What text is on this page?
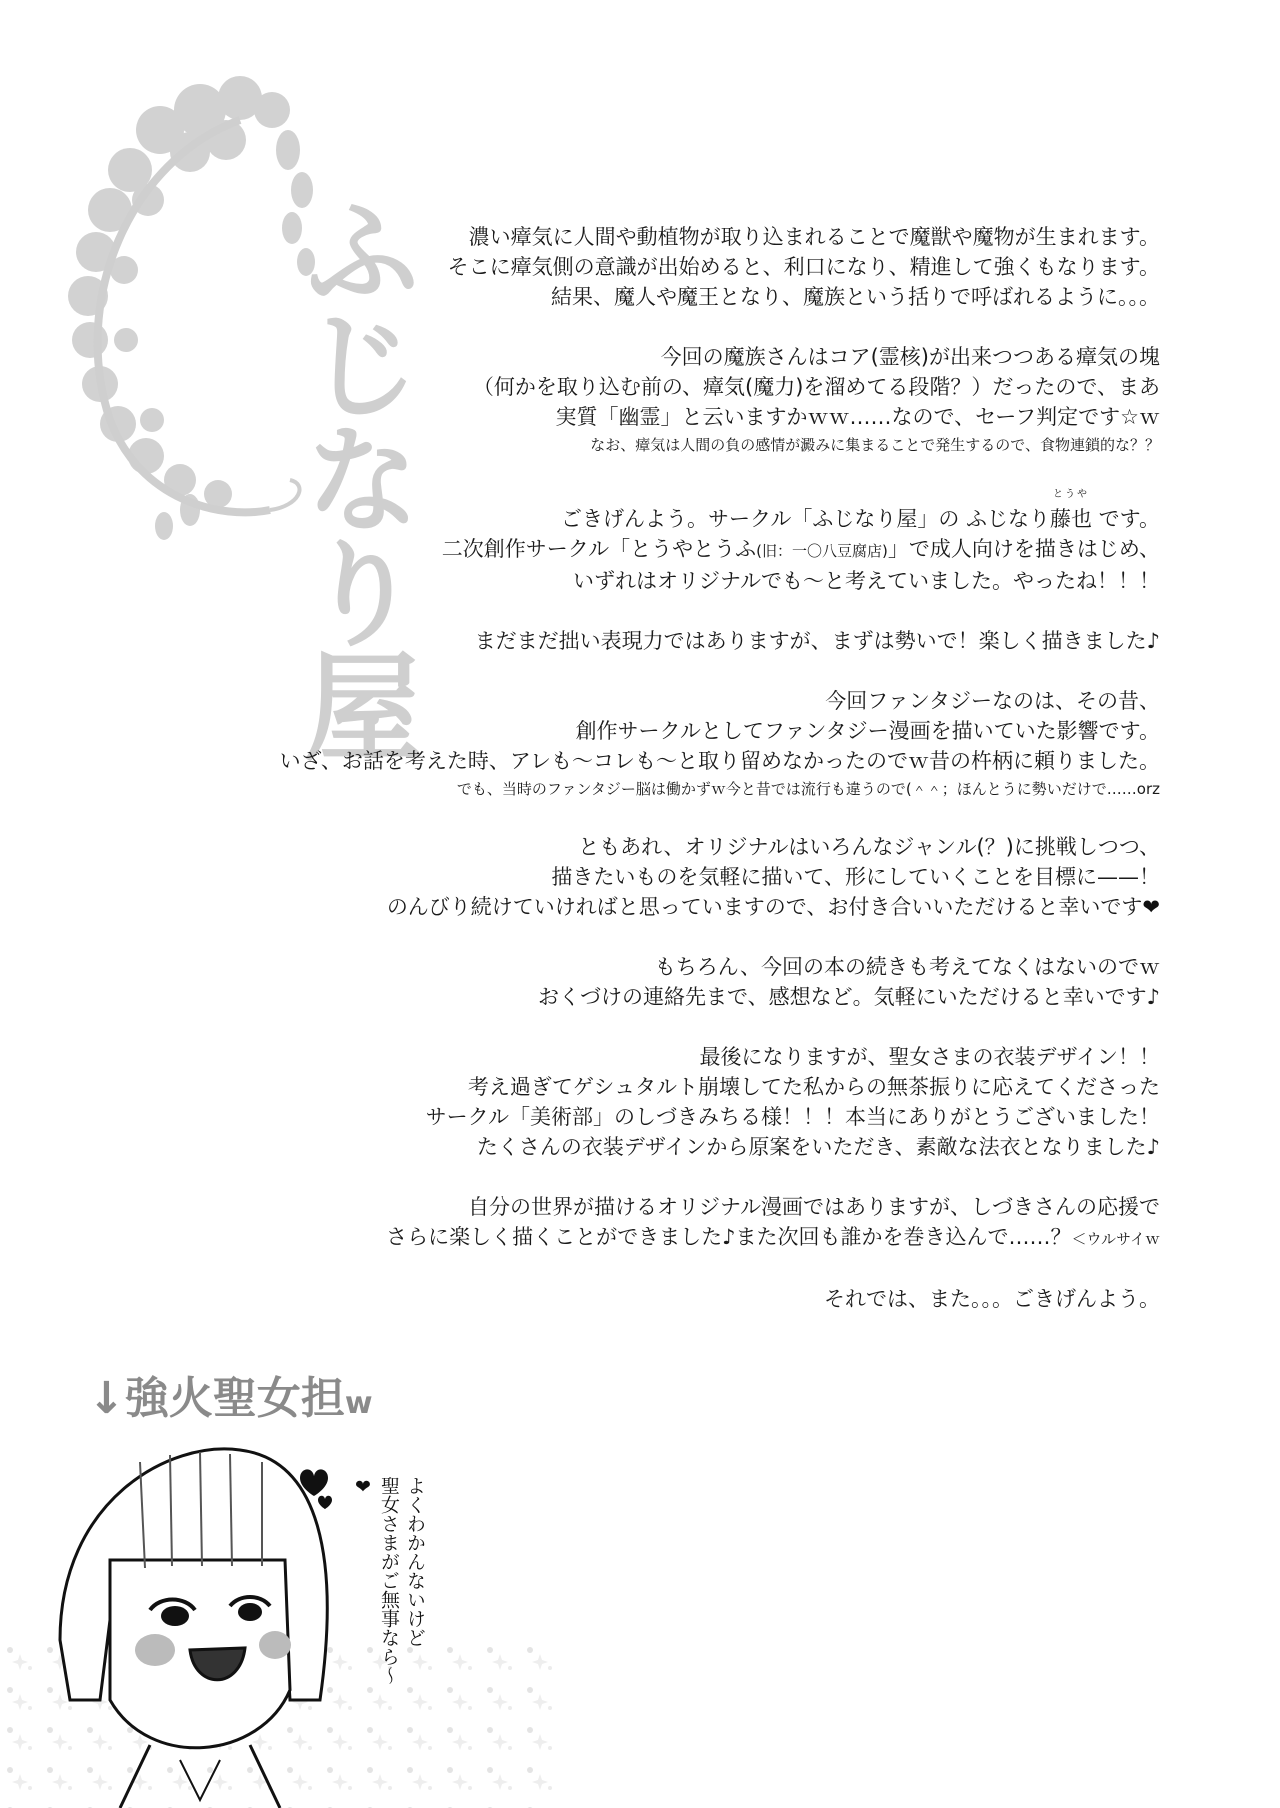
ふじなり屋	濃い瘴気に人間や動植物が取り込まれることで魔獣や魔物が生まれます。
そこに瘴気側の意識が出始めると、利口になり、精進して強くもなります。
結果、魔人や魔王となり、魔族という括りで呼ばれるように。。。
今回の魔族さんはコア(霊核)が出来つつある瘴気の塊
（何かを取り込む前の、瘴気(魔力)を溜めてる段階？）だったので、まあ
実質「幽霊」と云いますかｗｗ……なので、セーフ判定です☆ｗ
なお、瘴気は人間の負の感情が澱みに集まることで発生するので、食物連鎖的な？？
ごきげんよう。サークル「ふじなり屋」の ふじなり
とうや
藤也 です。
二次創作サークル「とうやとうふ(旧：一〇八豆腐店)」で成人向けを描きはじめ、
いずれはオリジナルでも～と考えていました。やったね！！！
まだまだ拙い表現力ではありますが、まずは勢いで！楽しく描きました♪
今回ファンタジーなのは、その昔、
創作サークルとしてファンタジー漫画を描いていた影響です。
いざ、お話を考えた時、アレも～コレも～と取り留めなかったのでｗ昔の杵柄に頼りました。
でも、当時のファンタジー脳は働かずｗ今と昔では流行も違うので(＾＾；ほんとうに勢いだけで……orz
ともあれ、オリジナルはいろんなジャンル(？)に挑戦しつつ、
描きたいものを気軽に描いて、形にしていくことを目標に——！
のんびり続けていければと思っていますので、お付き合いいただけると幸いです❤
もちろん、今回の本の続きも考えてなくはないのでｗ
おくづけの連絡先まで、感想など。気軽にいただけると幸いです♪
最後になりますが、聖女さまの衣装デザイン！！
考え過ぎてゲシュタルト崩壊してた私からの無茶振りに応えてくださった
サークル「美術部」のしづきみちる様！！！本当にありがとうございました！
たくさんの衣装デザインから原案をいただき、素敵な法衣となりました♪
自分の世界が描けるオリジナル漫画ではありますが、しづきさんの応援で
さらに楽しく描くことができました♪また次回も誰かを巻き込んで……？＜ウルサイｗ
それでは、また。。。ごきげんよう。
↓強火聖女担w
よくわかんないけど
聖女さまがご無事なら～
❤
